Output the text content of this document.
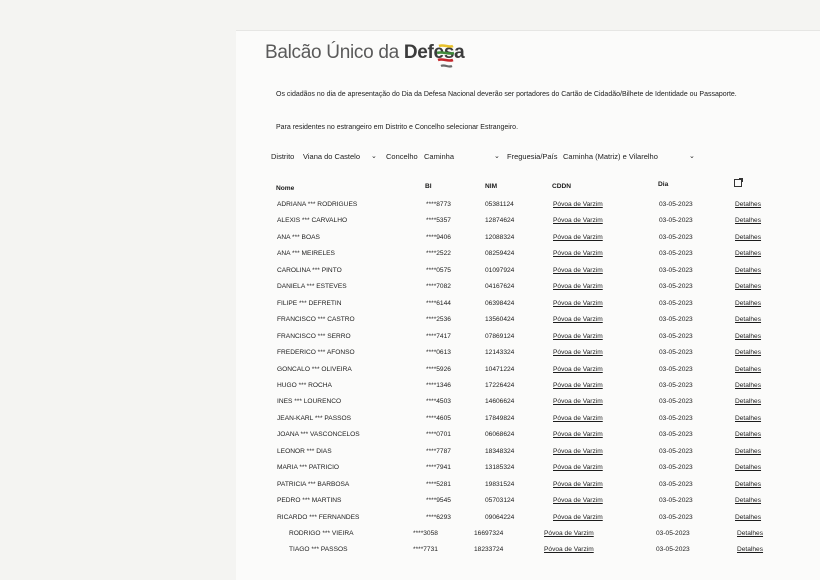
Balcão Único da Defesa
Os cidadãos no dia de apresentação do Dia da Defesa Nacional deverão ser portadores do Cartão de Cidadão/Bilhete de Identidade ou Passaporte.
Para residentes no estrangeiro em Distrito e Concelho selecionar Estrangeiro.
Distrito Viana do Castelo ⌄ Concelho Caminha	⌄ Freguesia/País Caminha (Matriz) e Vilarelho	⌄
Nome	BI	NIM	CDDN	Dia
ADRIANA *** RODRIGUES	****8773	05381124	Póvoa de Varzim	03-05-2023	Detalhes
ALEXIS *** CARVALHO	****5357	12874624	Póvoa de Varzim	03-05-2023	Detalhes
ANA *** BOAS	****9406	12088324	Póvoa de Varzim	03-05-2023	Detalhes
ANA *** MEIRELES	****2522	08259424	Póvoa de Varzim	03-05-2023	Detalhes
CAROLINA *** PINTO	****0575	01097924	Póvoa de Varzim	03-05-2023	Detalhes
DANIELA *** ESTEVES	****7082	04167624	Póvoa de Varzim	03-05-2023	Detalhes
FILIPE *** DEFRETIN	****6144	06398424	Póvoa de Varzim	03-05-2023	Detalhes
FRANCISCO *** CASTRO	****2536	13560424	Póvoa de Varzim	03-05-2023	Detalhes
FRANCISCO *** SERRO	****7417	07869124	Póvoa de Varzim	03-05-2023	Detalhes
FREDERICO *** AFONSO	****0613	12143324	Póvoa de Varzim	03-05-2023	Detalhes
GONCALO *** OLIVEIRA	****5926	10471224	Póvoa de Varzim	03-05-2023	Detalhes
HUGO *** ROCHA	****1346	17226424	Póvoa de Varzim	03-05-2023	Detalhes
INES *** LOURENCO	****4503	14606624	Póvoa de Varzim	03-05-2023	Detalhes
JEAN-KARL *** PASSOS	****4605	17849824	Póvoa de Varzim	03-05-2023	Detalhes
JOANA *** VASCONCELOS	****0701	06068624	Póvoa de Varzim	03-05-2023	Detalhes
LEONOR *** DIAS	****7787	18348324	Póvoa de Varzim	03-05-2023	Detalhes
MARIA *** PATRICIO	****7941	13185324	Póvoa de Varzim	03-05-2023	Detalhes
PATRICIA *** BARBOSA	****5281	19831524	Póvoa de Varzim	03-05-2023	Detalhes
PEDRO *** MARTINS	****9545	05703124	Póvoa de Varzim	03-05-2023	Detalhes
RICARDO *** FERNANDES	****6293	09064224	Póvoa de Varzim	03-05-2023	Detalhes
RODRIGO *** VIEIRA	****3058	16697324	Póvoa de Varzim	03-05-2023	Detalhes
TIAGO *** PASSOS	****7731	18233724	Póvoa de Varzim	03-05-2023	Detalhes
